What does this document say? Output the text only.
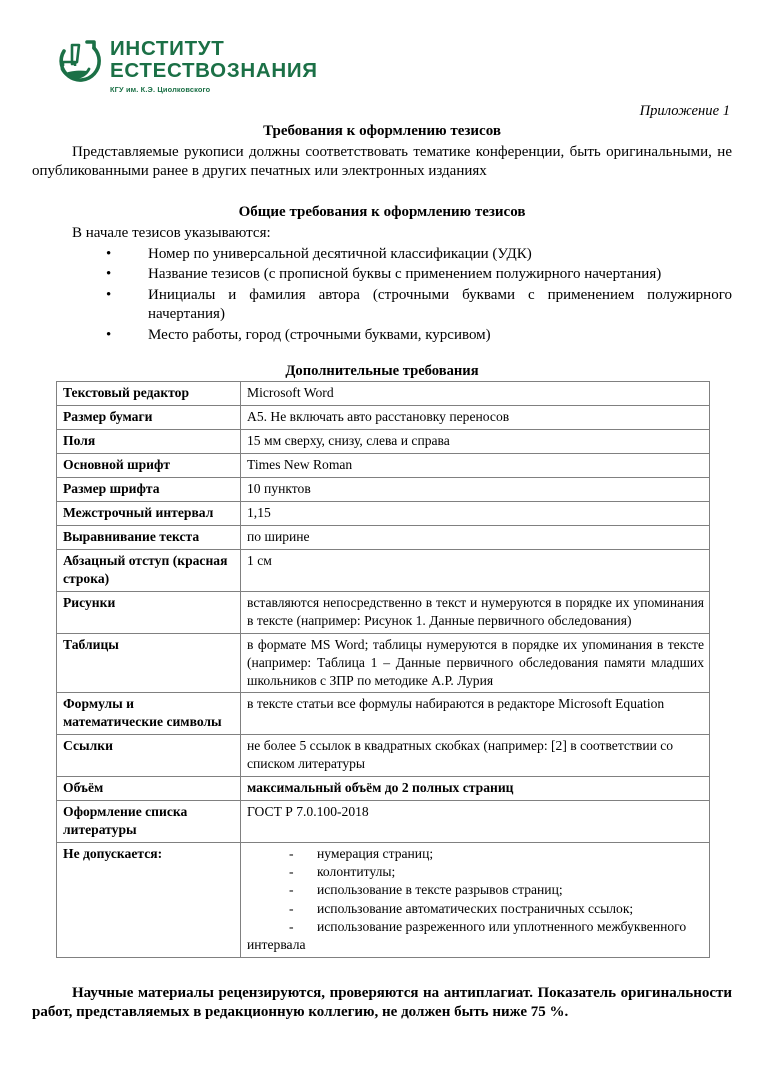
ИНСТИТУТ
ЕСТЕСТВОЗНАНИЯ
КГУ им. К.Э. Циолковского
Приложение 1
Требования к оформлению тезисов
Представляемые рукописи должны соответствовать тематике конференции, быть оригинальными, не опубликованными ранее в других печатных или электронных изданиях
Общие требования к оформлению тезисов
В начале тезисов указываются:
• Номер по универсальной десятичной классификации (УДК)
• Название тезисов (с прописной буквы с применением полужирного начертания)
•	Инициалы и фамилия автора (строчными буквами с применением полужирного начертания)
• Место работы, город (строчными буквами, курсивом)
Дополнительные требования
Текстовый редактор	Microsoft Word
Размер бумаги	А5. Не включать авто расстановку переносов
Поля	15 мм сверху, снизу, слева и справа
Основной шрифт	Times New Roman
Размер шрифта	10 пунктов
Межстрочный интервал	1,15
Выравнивание текста	по ширине
Абзацный отступ (красная строка)	1 см
Рисунки	вставляются непосредственно в текст и нумеруются в порядке их упоминания в тексте (например: Рисунок 1. Данные первичного обследования)
Таблицы	в формате MS Word; таблицы нумеруются в порядке их упоминания в тексте (например: Таблица 1 – Данные первичного обследования памяти младших школьников с ЗПР по методике А.Р. Лурия
Формулы и математические символы	в тексте статьи все формулы набираются в редакторе Microsoft Equation
Ссылки	не более 5 ссылок в квадратных скобках (например: [2] в соответствии со списком литературы
Объём	максимальный объём до 2 полных страниц
Оформление списка литературы	ГОСТ Р 7.0.100-2018
Не допускается:	- нумерация страниц;
- колонтитулы;
- использование в тексте разрывов страниц;
- использование автоматических постраничных ссылок;
- использование разреженного или уплотненного межбуквенного
интервала
Научные материалы рецензируются, проверяются на антиплагиат. Показатель оригинальности работ, представляемых в редакционную коллегию, не должен быть ниже 75 %.
